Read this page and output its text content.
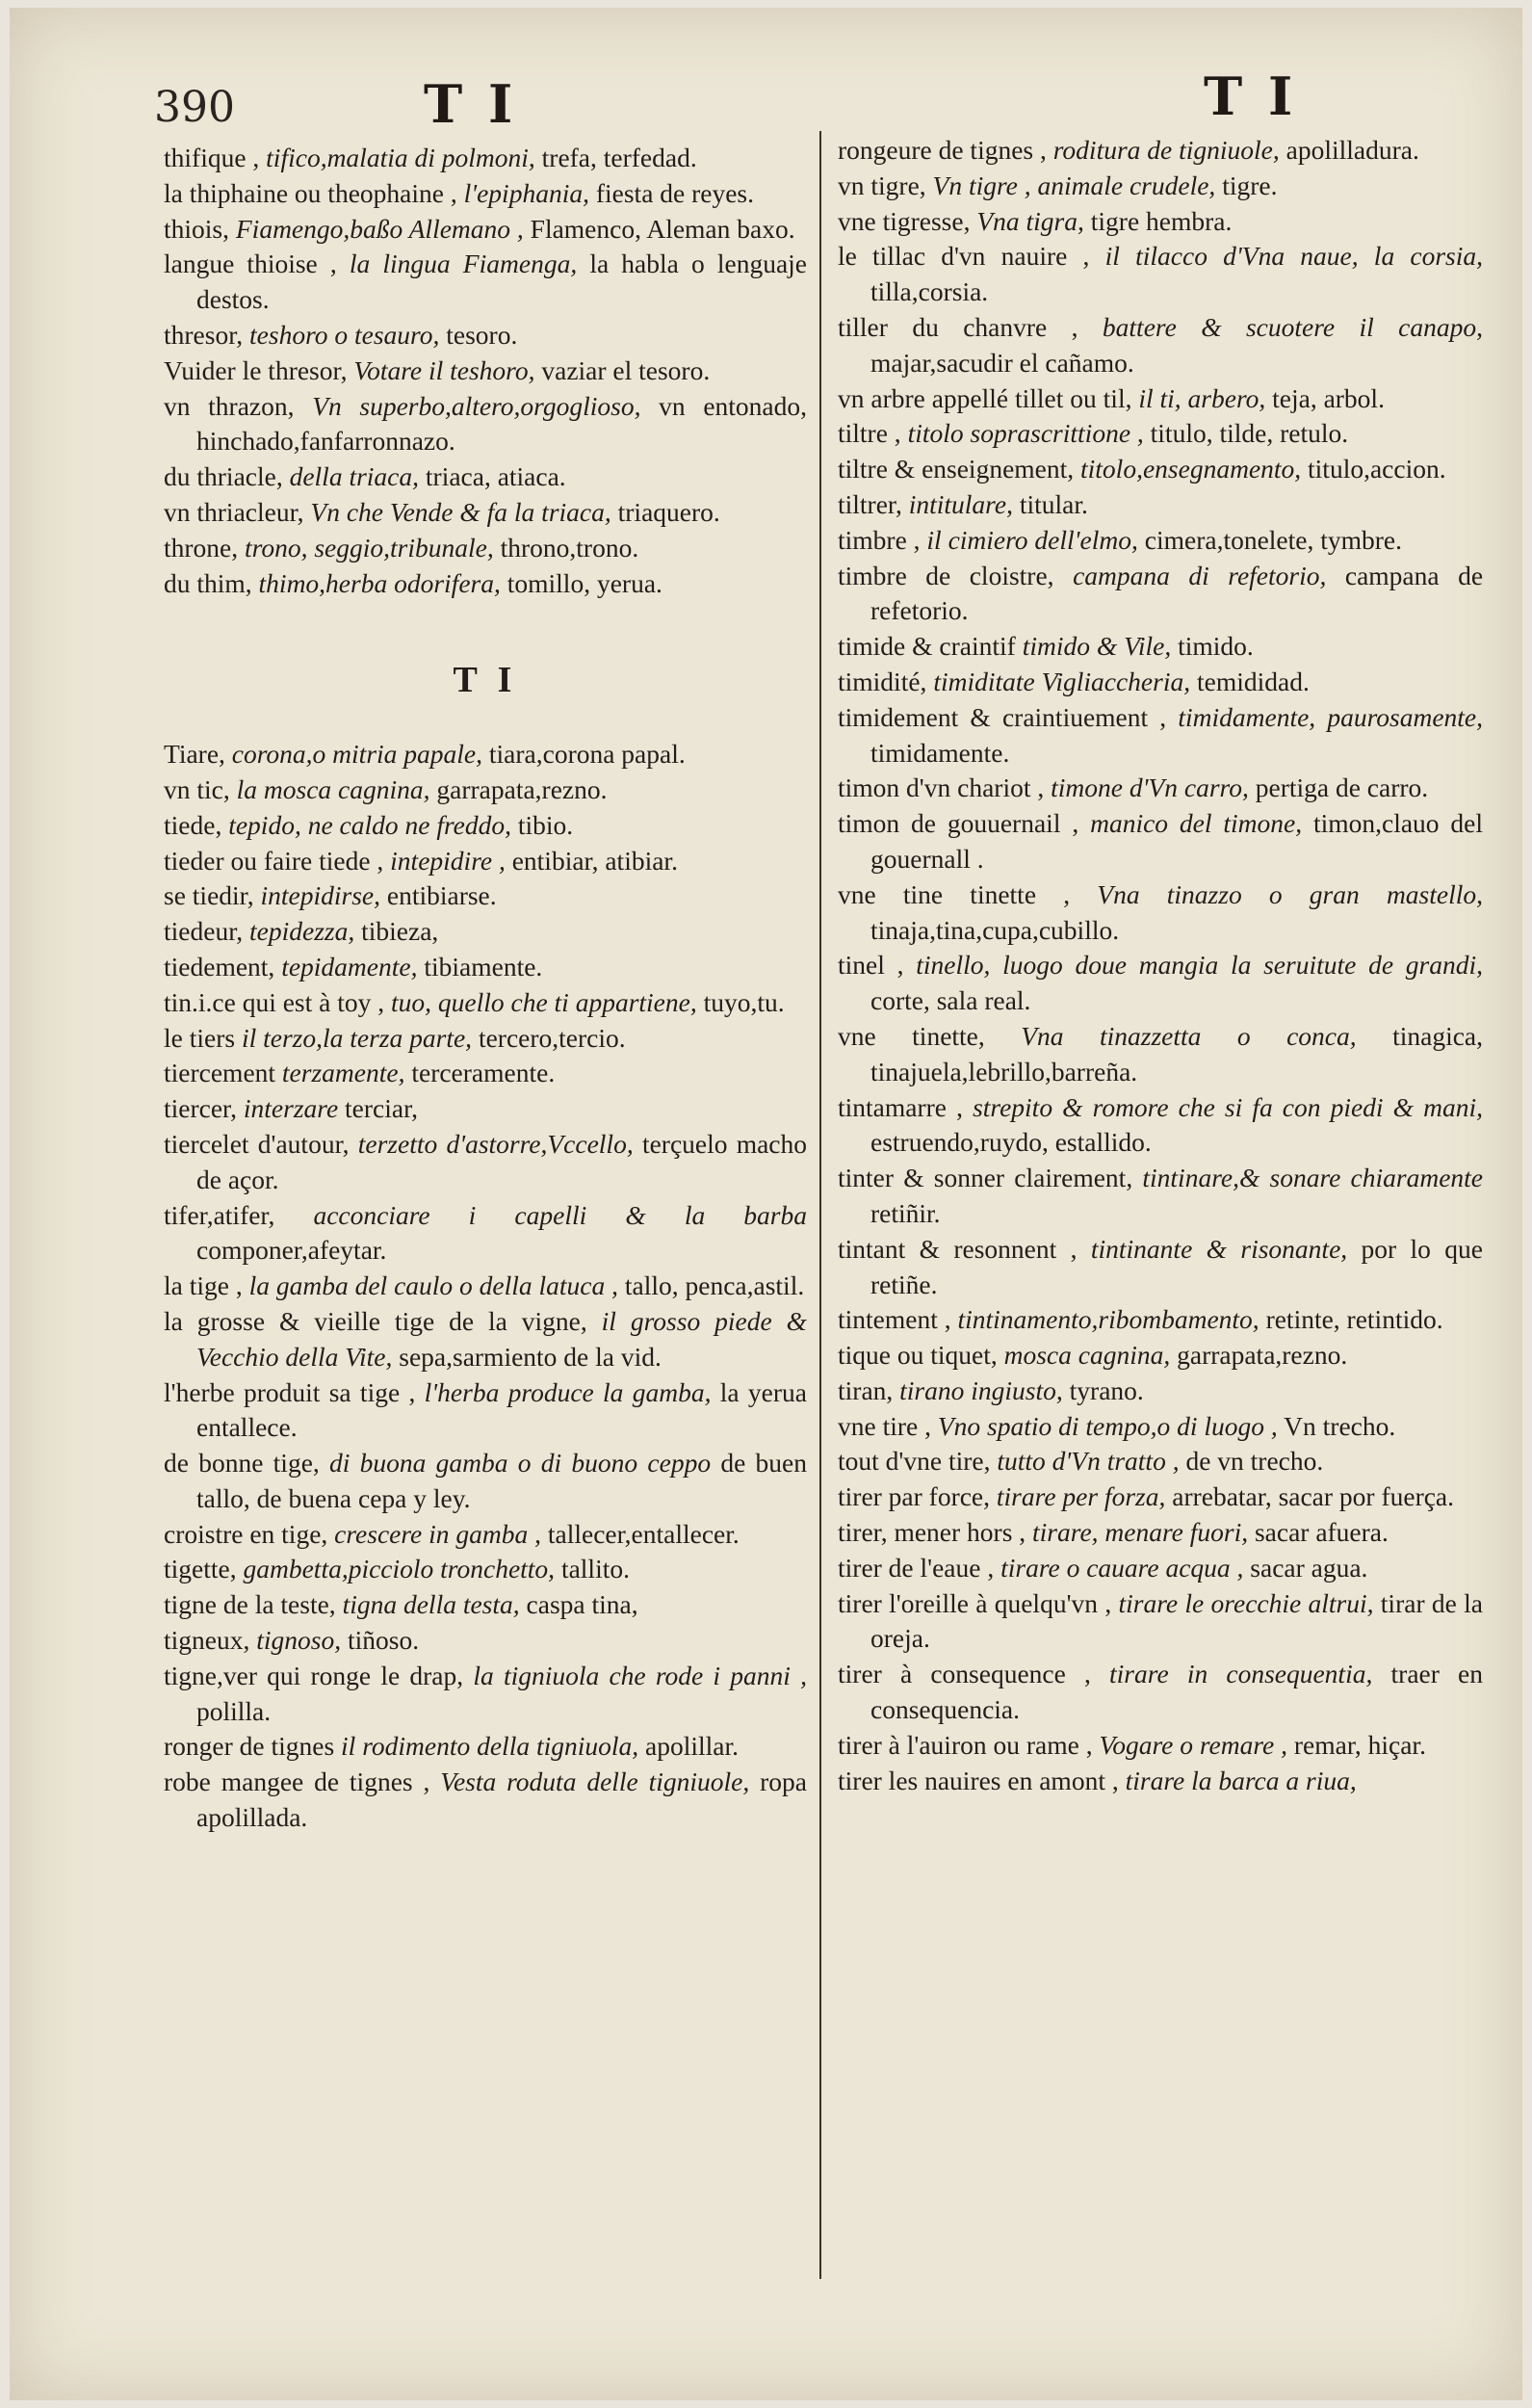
390	T I	T I

thifique , tifico,malatia di polmoni, trefa, terfedad.

la thiphaine ou theophaine , l'epiphania, fiesta de reyes.

thiois, Fiamengo,baßo Allemano , Flamenco, Aleman baxo.

langue thioise , la lingua Fiamenga, la habla o lenguaje destos.

thresor, teshoro o tesauro, tesoro.

Vuider le thresor, Votare il teshoro, vaziar el tesoro.

vn thrazon, Vn superbo,altero,orgoglioso, vn entonado, hinchado,fanfarronnazo.

du thriacle, della triaca, triaca, atiaca.

vn thriacleur, Vn che Vende & fa la triaca, triaquero.

throne, trono, seggio,tribunale, throno,trono.

du thim, thimo,herba odorifera, tomillo, yerua.

T I

Tiare, corona,o mitria papale, tiara,corona papal.

vn tic, la mosca cagnina, garrapata,rezno.

tiede, tepido, ne caldo ne freddo, tibio.

tieder ou faire tiede , intepidire , entibiar, atibiar.

se tiedir, intepidirse, entibiarse.

tiedeur, tepidezza, tibieza,

tiedement, tepidamente, tibiamente.

tin.i.ce qui est à toy , tuo, quello che ti appartiene, tuyo,tu.

le tiers il terzo,la terza parte, tercero,tercio.

tiercement terzamente, terceramente.

tiercer, interzare terciar,

tiercelet d'autour, terzetto d'astorre,Vccello, terçuelo macho de açor.

tifer,atifer, acconciare i capelli & la barba componer,afeytar.

la tige , la gamba del caulo o della latuca , tallo, penca,astil.

la grosse & vieille tige de la vigne, il grosso piede & Vecchio della Vite, sepa,sarmiento de la vid.

l'herbe produit sa tige , l'herba produce la gamba, la yerua entallece.

de bonne tige, di buona gamba o di buono ceppo de buen tallo, de buena cepa y ley.

croistre en tige, crescere in gamba , tallecer,entallecer.

tigette, gambetta,picciolo tronchetto, tallito.

tigne de la teste, tigna della testa, caspa tina,

tigneux, tignoso, tiñoso.

tigne,ver qui ronge le drap, la tigniuola che rode i panni , polilla.

ronger de tignes il rodimento della tigniuola, apolillar.

robe mangee de tignes , Vesta roduta delle tigniuole, ropa apolillada.

rongeure de tignes , roditura de tigniuole, apolilladura.

vn tigre, Vn tigre , animale crudele, tigre.

vne tigresse, Vna tigra, tigre hembra.

le tillac d'vn nauire , il tilacco d'Vna naue, la corsia, tilla,corsia.

tiller du chanvre , battere & scuotere il canapo, majar,sacudir el cañamo.

vn arbre appellé tillet ou til, il ti, arbero, teja, arbol.

tiltre , titolo soprascrittione , titulo, tilde, retulo.

tiltre & enseignement, titolo,ensegnamento, titulo,accion.

tiltrer, intitulare, titular.

timbre , il cimiero dell'elmo, cimera,tonelete, tymbre.

timbre de cloistre, campana di refetorio, campana de refetorio.

timide & craintif timido & Vile, timido.

timidité, timiditate Vigliaccheria, temididad.

timidement & craintiuement , timidamente, paurosamente, timidamente.

timon d'vn chariot , timone d'Vn carro, pertiga de carro.

timon de gouuernail , manico del timone, timon,clauo del gouernall .

vne tine tinette , Vna tinazzo o gran mastello, tinaja,tina,cupa,cubillo.

tinel , tinello, luogo doue mangia la seruitute de grandi, corte, sala real.

vne tinette, Vna tinazzetta o conca, tinagica, tinajuela,lebrillo,barreña.

tintamarre , strepito & romore che si fa con piedi & mani, estruendo,ruydo, estallido.

tinter & sonner clairement, tintinare,& sonare chiaramente retiñir.

tintant & resonnent , tintinante & risonante, por lo que retiñe.

tintement , tintinamento,ribombamento, retinte, retintido.

tique ou tiquet, mosca cagnina, garrapata,rezno.

tiran, tirano ingiusto, tyrano.

vne tire , Vno spatio di tempo,o di luogo , Vn trecho.

tout d'vne tire, tutto d'Vn tratto , de vn trecho.

tirer par force, tirare per forza, arrebatar, sacar por fuerça.

tirer, mener hors , tirare, menare fuori, sacar afuera.

tirer de l'eaue , tirare o cauare acqua , sacar agua.

tirer l'oreille à quelqu'vn , tirare le orecchie altrui, tirar de la oreja.

tirer à consequence , tirare in consequentia, traer en consequencia.

tirer à l'auiron ou rame , Vogare o remare , remar, hiçar.

tirer les nauires en amont , tirare la barca a riua,
